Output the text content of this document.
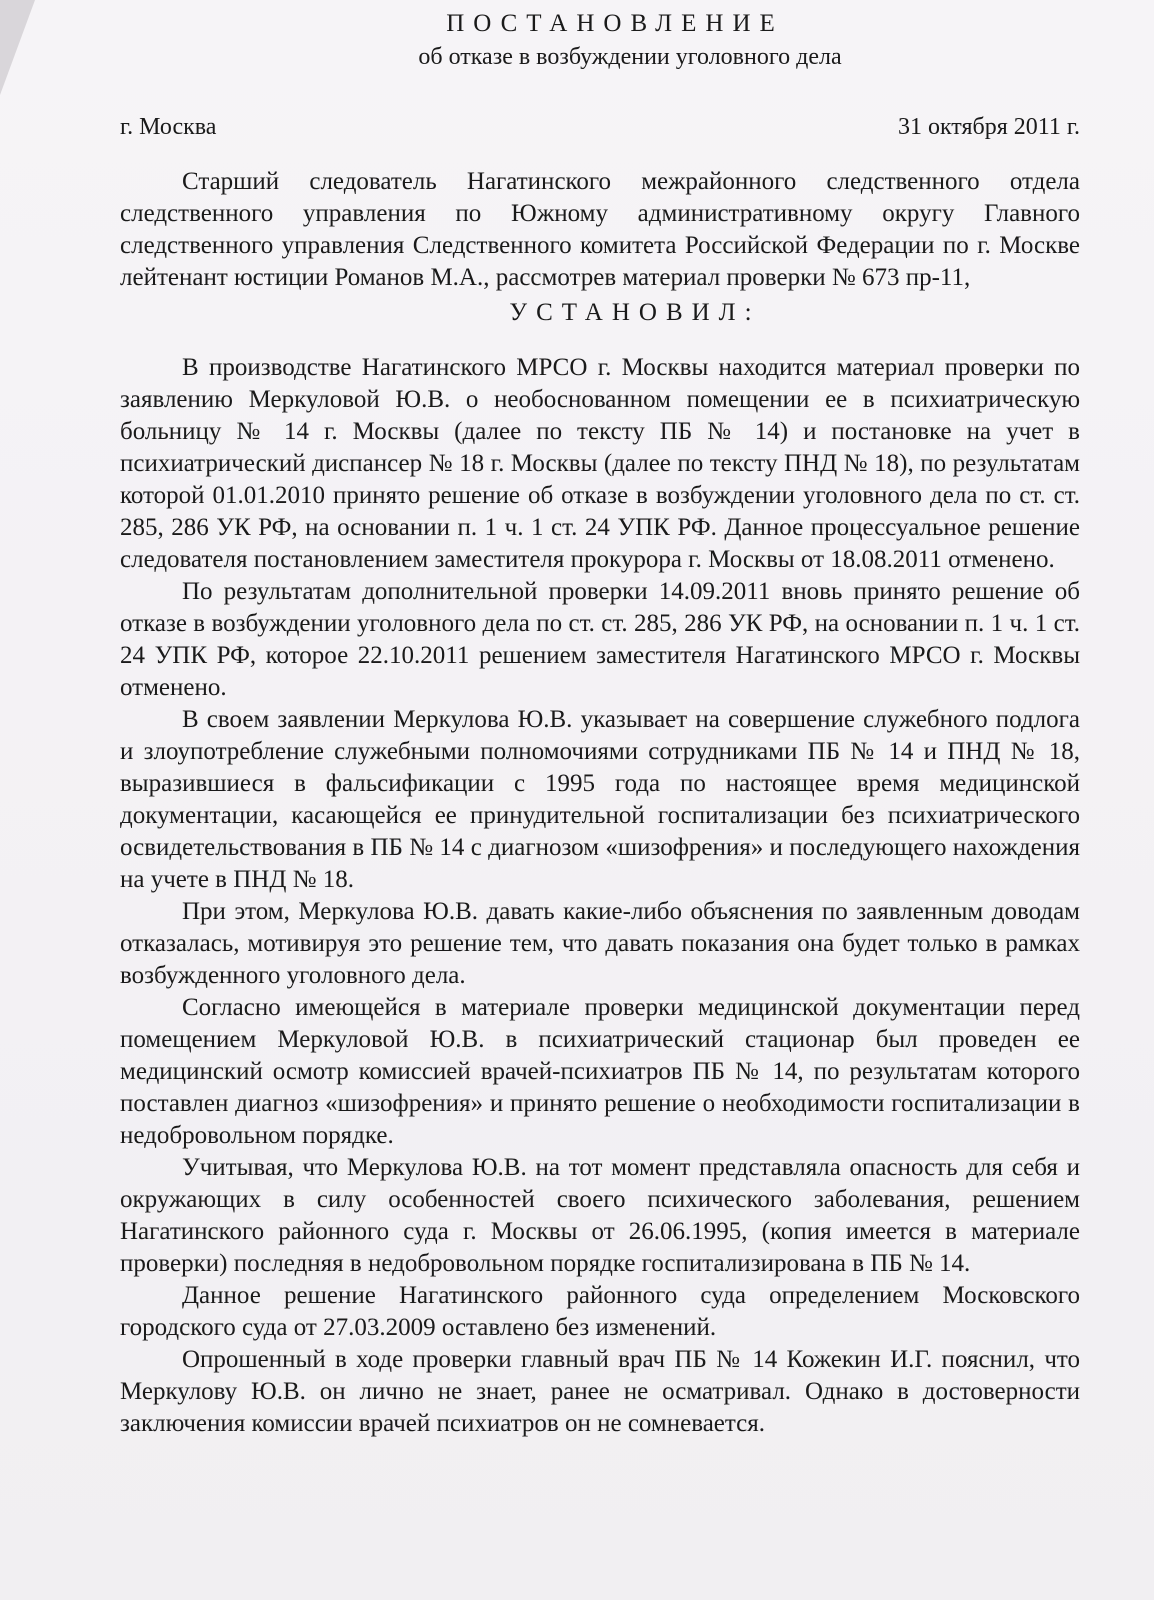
ПОСТАНОВЛЕНИЕ

об отказе в возбуждении уголовного дела

г. Москва	31 октября 2011 г.

Старший следователь Нагатинского межрайонного следственного отдела следственного управления по Южному административному округу Главного следственного управления Следственного комитета Российской Федерации по г. Москве лейтенант юстиции Романов М.А., рассмотрев материал проверки № 673 пр-11,

УСТАНОВИЛ:

В производстве Нагатинского МРСО г. Москвы находится материал проверки по заявлению Меркуловой Ю.В. о необоснованном помещении ее в психиатрическую больницу № 14 г. Москвы (далее по тексту ПБ № 14) и постановке на учет в психиатрический диспансер № 18 г. Москвы (далее по тексту ПНД № 18), по результатам которой 01.01.2010 принято решение об отказе в возбуждении уголовного дела по ст. ст. 285, 286 УК РФ, на основании п. 1 ч. 1 ст. 24 УПК РФ. Данное процессуальное решение следователя постановлением заместителя прокурора г. Москвы от 18.08.2011 отменено.

По результатам дополнительной проверки 14.09.2011 вновь принято решение об отказе в возбуждении уголовного дела по ст. ст. 285, 286 УК РФ, на основании п. 1 ч. 1 ст. 24 УПК РФ, которое 22.10.2011 решением заместителя Нагатинского МРСО г. Москвы отменено.

В своем заявлении Меркулова Ю.В. указывает на совершение служебного подлога и злоупотребление служебными полномочиями сотрудниками ПБ № 14 и ПНД № 18, выразившиеся в фальсификации с 1995 года по настоящее время медицинской документации, касающейся ее принудительной госпитализации без психиатрического освидетельствования в ПБ № 14 с диагнозом «шизофрения» и последующего нахождения на учете в ПНД № 18.

При этом, Меркулова Ю.В. давать какие-либо объяснения по заявленным доводам отказалась, мотивируя это решение тем, что давать показания она будет только в рамках возбужденного уголовного дела.

Согласно имеющейся в материале проверки медицинской документации перед помещением Меркуловой Ю.В. в психиатрический стационар был проведен ее медицинский осмотр комиссией врачей-психиатров ПБ № 14, по результатам которого поставлен диагноз «шизофрения» и принято решение о необходимости госпитализации в недобровольном порядке.

Учитывая, что Меркулова Ю.В. на тот момент представляла опасность для себя и окружающих в силу особенностей своего психического заболевания, решением Нагатинского районного суда г. Москвы от 26.06.1995, (копия имеется в материале проверки) последняя в недобровольном порядке госпитализирована в ПБ № 14.

Данное решение Нагатинского районного суда определением Московского городского суда от 27.03.2009 оставлено без изменений.

Опрошенный в ходе проверки главный врач ПБ № 14 Кожекин И.Г. пояснил, что Меркулову Ю.В. он лично не знает, ранее не осматривал. Однако в достоверности заключения комиссии врачей психиатров он не сомневается.
